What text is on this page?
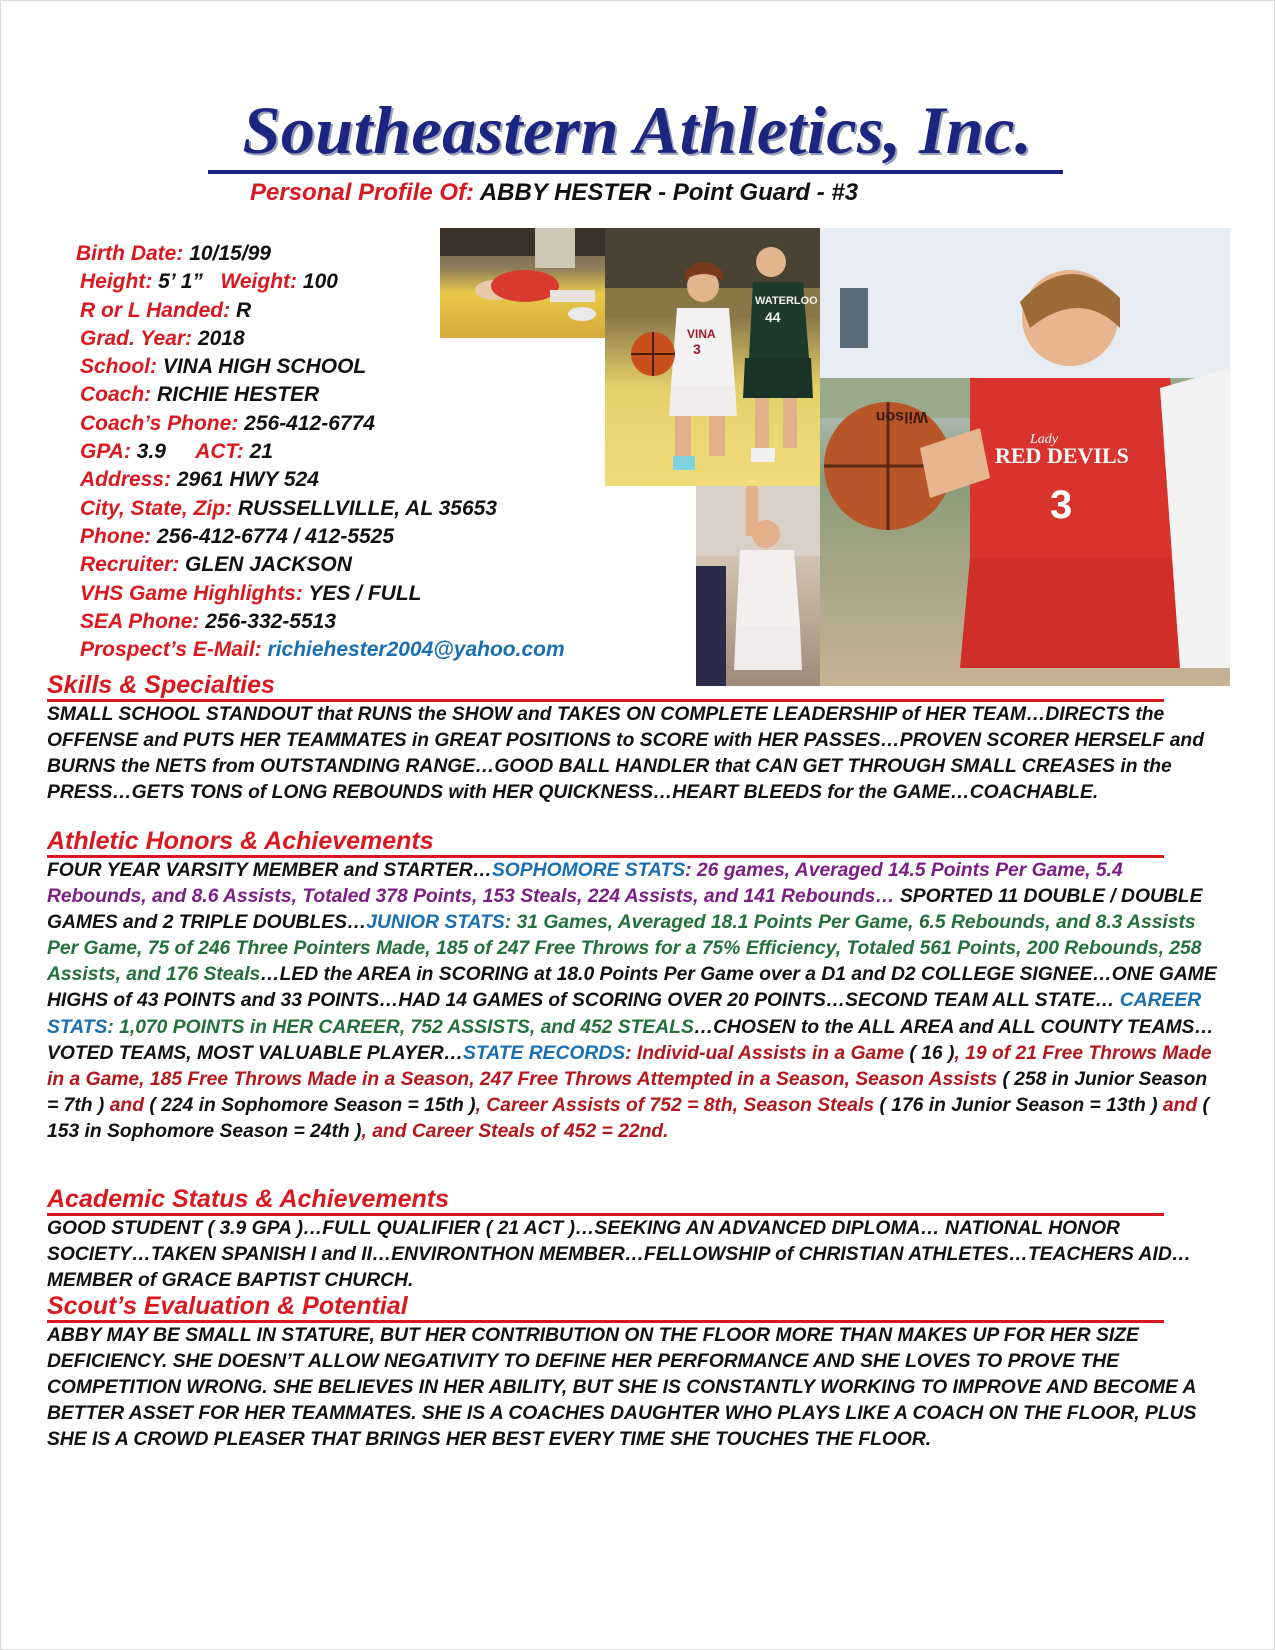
Southeastern Athletics, Inc.
Personal Profile Of: ABBY HESTER - Point Guard - #3
Birth Date: 10/15/99
Height: 5’ 1” Weight: 100
R or L Handed: R
Grad. Year: 2018
School: VINA HIGH SCHOOL
Coach: RICHIE HESTER
Coach’s Phone: 256-412-6774
GPA: 3.9 ACT: 21
Address: 2961 HWY 524
City, State, Zip: RUSSELLVILLE, AL 35653
Phone: 256-412-6774 / 412-5525
Recruiter: GLEN JACKSON
VHS Game Highlights: YES / FULL
SEA Phone: 256-332-5513
Prospect’s E-Mail: richiehester2004@yahoo.com
VINA
3
WATERLOO
44
Lady
RED DEVILS
3
Wilson
Skills & Specialties
SMALL SCHOOL STANDOUT that RUNS the SHOW and TAKES ON COMPLETE LEADERSHIP of HER TEAM…DIRECTS the OFFENSE and PUTS HER TEAMMATES in GREAT POSITIONS to SCORE with HER PASSES…PROVEN SCORER HERSELF and BURNS the NETS from OUTSTANDING RANGE…GOOD BALL HANDLER that CAN GET THROUGH SMALL CREASES in the PRESS…GETS TONS of LONG REBOUNDS with HER QUICKNESS…HEART BLEEDS for the GAME…COACHABLE.
Athletic Honors & Achievements
FOUR YEAR VARSITY MEMBER and STARTER…SOPHOMORE STATS: 26 games, Averaged 14.5 Points Per Game, 5.4 Rebounds, and 8.6 Assists, Totaled 378 Points, 153 Steals, 224 Assists, and 141 Rebounds… SPORTED 11 DOUBLE / DOUBLE GAMES and 2 TRIPLE DOUBLES…JUNIOR STATS: 31 Games, Averaged 18.1 Points Per Game, 6.5 Rebounds, and 8.3 Assists Per Game, 75 of 246 Three Pointers Made, 185 of 247 Free Throws for a 75% Efficiency, Totaled 561 Points, 200 Rebounds, 258 Assists, and 176 Steals…LED the AREA in SCORING at 18.0 Points Per Game over a D1 and D2 COLLEGE SIGNEE…ONE GAME HIGHS of 43 POINTS and 33 POINTS…HAD 14 GAMES of SCORING OVER 20 POINTS…SECOND TEAM ALL STATE… CAREER STATS: 1,070 POINTS in HER CAREER, 752 ASSISTS, and 452 STEALS…CHOSEN to the ALL AREA and ALL COUNTY TEAMS… VOTED TEAMS, MOST VALUABLE PLAYER…STATE RECORDS: Individ-ual Assists in a Game ( 16 ), 19 of 21 Free Throws Made in a Game, 185 Free Throws Made in a Season, 247 Free Throws Attempted in a Season, Season Assists ( 258 in Junior Season = 7th ) and ( 224 in Sophomore Season = 15th ), Career Assists of 752 = 8th, Season Steals ( 176 in Junior Season = 13th ) and ( 153 in Sophomore Season = 24th ), and Career Steals of 452 = 22nd.
Academic Status & Achievements
GOOD STUDENT ( 3.9 GPA )…FULL QUALIFIER ( 21 ACT )…SEEKING AN ADVANCED DIPLOMA… NATIONAL HONOR SOCIETY…TAKEN SPANISH I and II…ENVIRONTHON MEMBER…FELLOWSHIP of CHRISTIAN ATHLETES…TEACHERS AID…MEMBER of GRACE BAPTIST CHURCH.
Scout’s Evaluation & Potential
ABBY MAY BE SMALL IN STATURE, BUT HER CONTRIBUTION ON THE FLOOR MORE THAN MAKES UP FOR HER SIZE DEFICIENCY. SHE DOESN’T ALLOW NEGATIVITY TO DEFINE HER PERFORMANCE AND SHE LOVES TO PROVE THE COMPETITION WRONG. SHE BELIEVES IN HER ABILITY, BUT SHE IS CONSTANTLY WORKING TO IMPROVE AND BECOME A BETTER ASSET FOR HER TEAMMATES. SHE IS A COACHES DAUGHTER WHO PLAYS LIKE A COACH ON THE FLOOR, PLUS SHE IS A CROWD PLEASER THAT BRINGS HER BEST EVERY TIME SHE TOUCHES THE FLOOR.
